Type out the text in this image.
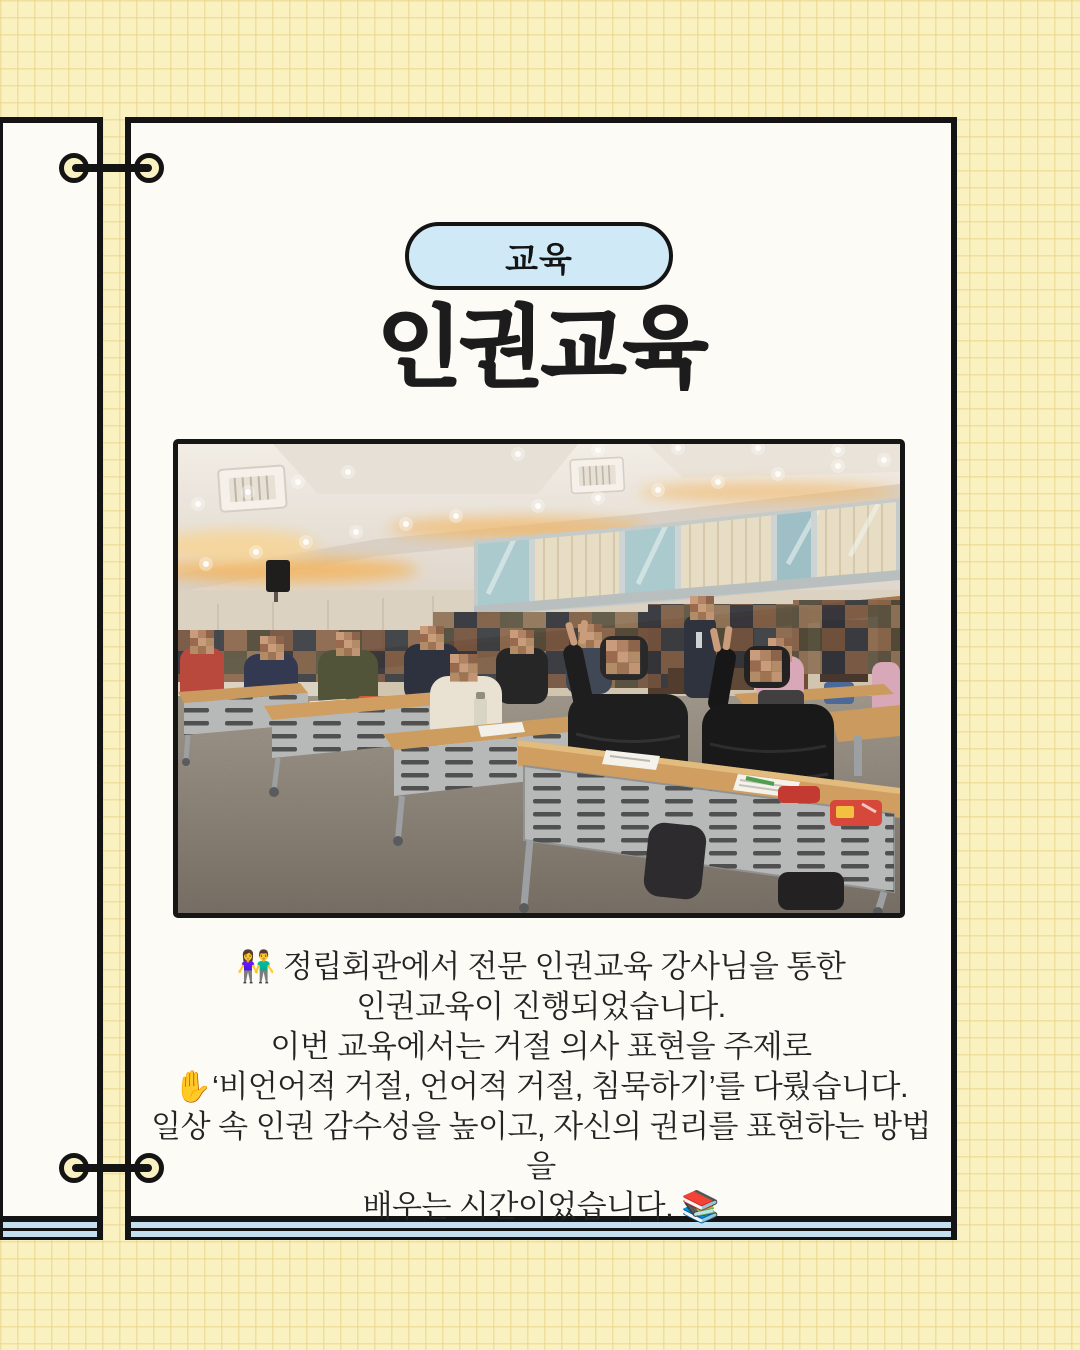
교육
인권교육
👫 정립회관에서 전문 인권교육 강사님을 통한
인권교육이 진행되었습니다.
이번 교육에서는 거절 의사 표현을 주제로
✋‘비언어적 거절, 언어적 거절, 침묵하기’를 다뤘습니다.
일상 속 인권 감수성을 높이고, 자신의 권리를 표현하는 방법을
배우는 시간이었습니다. 📚
